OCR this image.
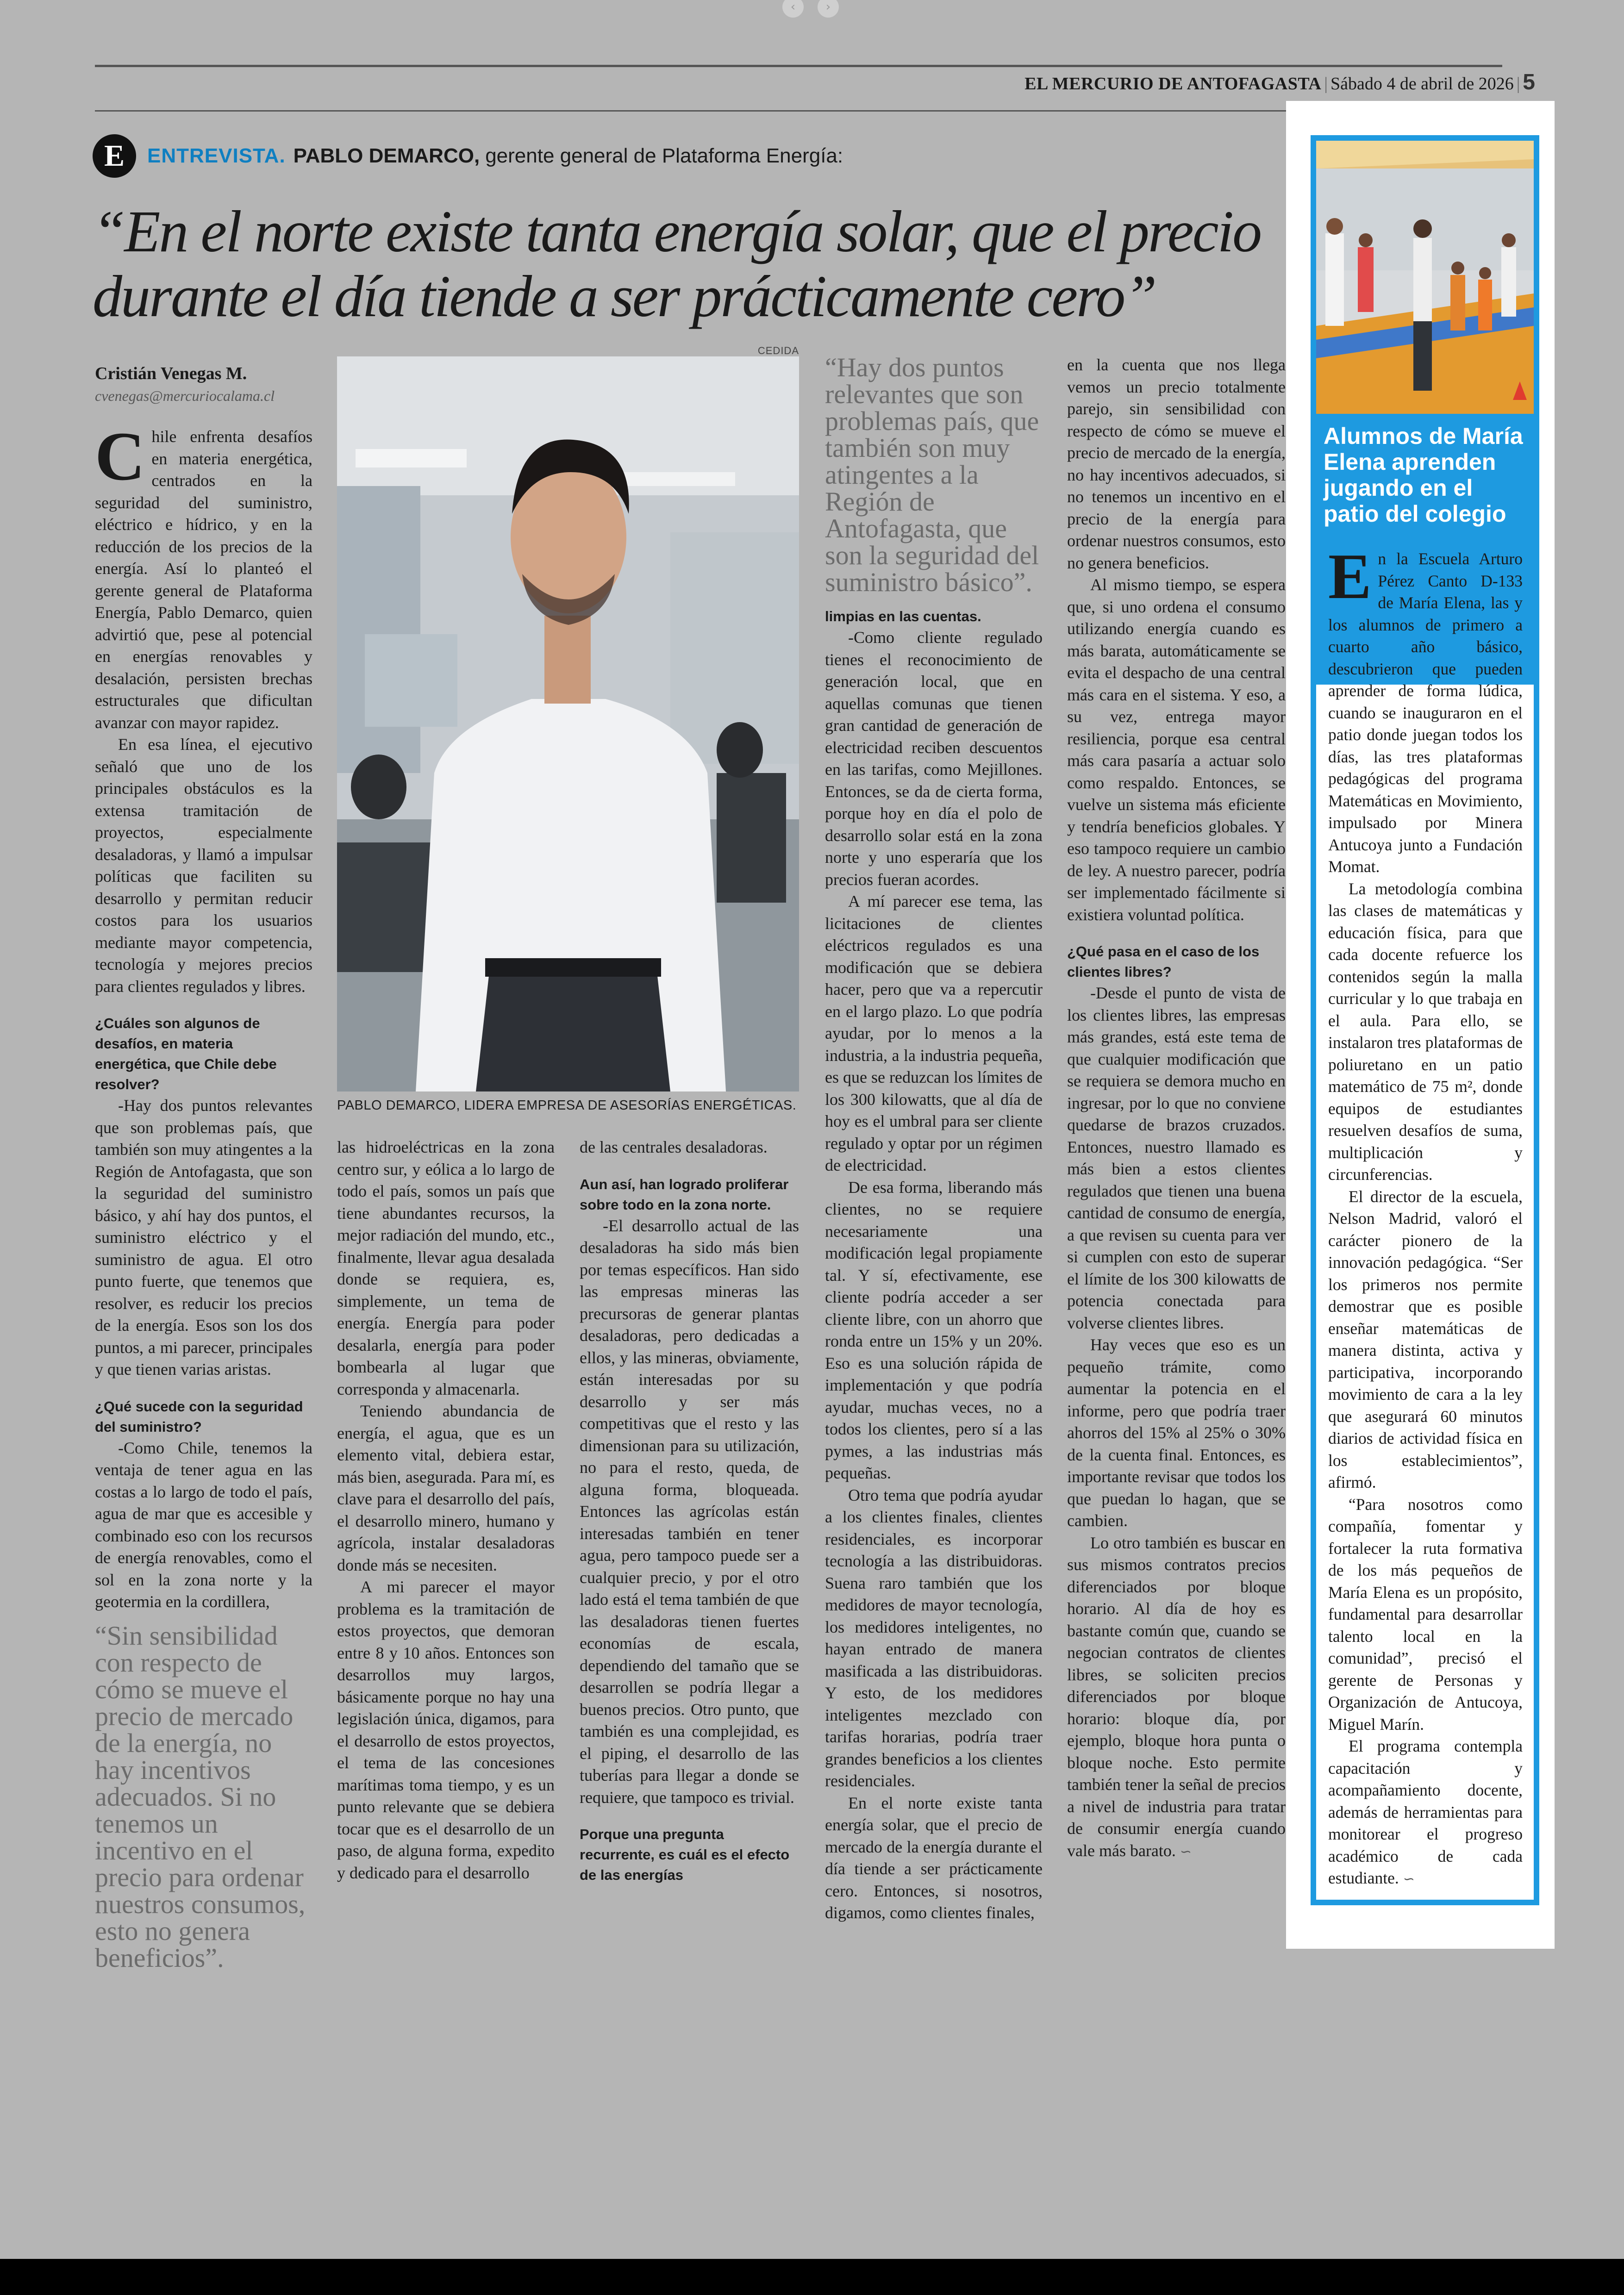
‹	›
EL MERCURIO DE ANTOFAGASTA | Sábado 4 de abril de 2026 | 5
E	ENTREVISTA . PABLO DEMARCO, gerente general de Plataforma Energía:
“En el norte existe tanta energía solar, que el precio durante el día tiende a ser prácticamente cero”
Cristián Venegas M.
cvenegas@mercuriocalama.cl

Chile enfrenta desafíos en materia energética, centrados en la seguridad del suministro, eléctrico e hídrico, y en la reducción de los precios de la energía. Así lo planteó el gerente general de Plataforma Energía, Pablo Demarco, quien advirtió que, pese al potencial en energías renovables y desalación, persisten brechas estructurales que dificultan avanzar con mayor rapidez.

En esa línea, el ejecutivo señaló que uno de los principales obstáculos es la extensa tramitación de proyectos, especialmente desaladoras, y llamó a impulsar políticas que faciliten su desarrollo y permitan reducir costos para los usuarios mediante mayor competencia, tecnología y mejores precios para clientes regulados y libres.

¿Cuáles son algunos de desafíos, en materia energética, que Chile debe resolver?

-Hay dos puntos relevantes que son problemas país, que también son muy atingentes a la Región de Antofagasta, que son la seguridad del suministro básico, y ahí hay dos puntos, el suministro eléctrico y el suministro de agua. El otro punto fuerte, que tenemos que resolver, es reducir los precios de la energía. Esos son los dos puntos, a mi parecer, principales y que tienen varias aristas.

¿Qué sucede con la seguridad del suministro?

-Como Chile, tenemos la ventaja de tener agua en las costas a lo largo de todo el país, agua de mar que es accesible y combinado eso con los recursos de energía renovables, como el sol en la zona norte y la geotermia en la cordillera,

“Sin sensibilidad con respecto de cómo se mueve el precio de mercado de la energía, no hay incentivos adecuados. Si no tenemos un incentivo en el precio para ordenar nuestros consumos, esto no genera beneficios”.
CEDIDA
PABLO DEMARCO, LIDERA EMPRESA DE ASESORÍAS ENERGÉTICAS.

las hidroeléctricas en la zona centro sur, y eólica a lo largo de todo el país, somos un país que tiene abundantes recursos, la mejor radiación del mundo, etc., finalmente, llevar agua desalada donde se requiera, es, simplemente, un tema de energía. Energía para poder desalarla, energía para poder bombearla al lugar que corresponda y almacenarla.

Teniendo abundancia de energía, el agua, que es un elemento vital, debiera estar, más bien, asegurada. Para mí, es clave para el desarrollo del país, el desarrollo minero, humano y agrícola, instalar desaladoras donde más se necesiten.

A mi parecer el mayor problema es la tramitación de estos proyectos, que demoran entre 8 y 10 años. Entonces son desarrollos muy largos, básicamente porque no hay una legislación única, digamos, para el desarrollo de estos proyectos, el tema de las concesiones marítimas toma tiempo, y es un punto relevante que se debiera tocar que es el desarrollo de un paso, de alguna forma, expedito y dedicado para el desarrollo

de las centrales desaladoras.

Aun así, han logrado proliferar sobre todo en la zona norte.

-El desarrollo actual de las desaladoras ha sido más bien por temas específicos. Han sido las empresas mineras las precursoras de generar plantas desaladoras, pero dedicadas a ellos, y las mineras, obviamente, están interesadas por su desarrollo y ser más competitivas que el resto y las dimensionan para su utilización, no para el resto, queda, de alguna forma, bloqueada. Entonces las agrícolas están interesadas también en tener agua, pero tampoco puede ser a cualquier precio, y por el otro lado está el tema también de que las desaladoras tienen fuertes economías de escala, dependiendo del tamaño que se desarrollen se podría llegar a buenos precios. Otro punto, que también es una complejidad, es el piping, el desarrollo de las tuberías para llegar a donde se requiere, que tampoco es trivial.

Porque una pregunta recurrente, es cuál es el efecto de las energías

“Hay dos puntos relevantes que son problemas país, que también son muy atingentes a la Región de Antofagasta, que son la seguridad del suministro básico”.

limpias en las cuentas.

-Como cliente regulado tienes el reconocimiento de generación local, que en aquellas comunas que tienen gran cantidad de generación de electricidad reciben descuentos en las tarifas, como Mejillones. Entonces, se da de cierta forma, porque hoy en día el polo de desarrollo solar está en la zona norte y uno esperaría que los precios fueran acordes.

A mí parecer ese tema, las licitaciones de clientes eléctricos regulados es una modificación que se debiera hacer, pero que va a repercutir en el largo plazo. Lo que podría ayudar, por lo menos a la industria, a la industria pequeña, es que se reduzcan los límites de los 300 kilowatts, que al día de hoy es el umbral para ser cliente regulado y optar por un régimen de electricidad.

De esa forma, liberando más clientes, no se requiere necesariamente una modificación legal propiamente tal. Y sí, efectivamente, ese cliente podría acceder a ser cliente libre, con un ahorro que ronda entre un 15% y un 20%. Eso es una solución rápida de implementación y que podría ayudar, muchas veces, no a todos los clientes, pero sí a las pymes, a las industrias más pequeñas.

Otro tema que podría ayudar a los clientes finales, clientes residenciales, es incorporar tecnología a las distribuidoras. Suena raro también que los medidores de mayor tecnología, los medidores inteligentes, no hayan entrado de manera masificada a las distribuidoras. Y esto, de los medidores inteligentes mezclado con tarifas horarias, podría traer grandes beneficios a los clientes residenciales.

En el norte existe tanta energía solar, que el precio de mercado de la energía durante el día tiende a ser prácticamente cero. Entonces, si nosotros, digamos, como clientes finales,

en la cuenta que nos llega vemos un precio totalmente parejo, sin sensibilidad con respecto de cómo se mueve el precio de mercado de la energía, no hay incentivos adecuados, si no tenemos un incentivo en el precio de la energía para ordenar nuestros consumos, esto no genera beneficios.

Al mismo tiempo, se espera que, si uno ordena el consumo utilizando energía cuando es más barata, automáticamente se evita el despacho de una central más cara en el sistema. Y eso, a su vez, entrega mayor resiliencia, porque esa central más cara pasaría a actuar solo como respaldo. Entonces, se vuelve un sistema más eficiente y tendría beneficios globales. Y eso tampoco requiere un cambio de ley. A nuestro parecer, podría ser implementado fácilmente si existiera voluntad política.

¿Qué pasa en el caso de los clientes libres?

-Desde el punto de vista de los clientes libres, las empresas más grandes, está este tema de que cualquier modificación que se requiera se demora mucho en ingresar, por lo que no conviene quedarse de brazos cruzados. Entonces, nuestro llamado es más bien a estos clientes regulados que tienen una buena cantidad de consumo de energía, a que revisen su cuenta para ver si cumplen con esto de superar el límite de los 300 kilowatts de potencia conectada para volverse clientes libres.

Hay veces que eso es un pequeño trámite, como aumentar la potencia en el informe, pero que podría traer ahorros del 15% al 25% o 30% de la cuenta final. Entonces, es importante revisar que todos los que puedan lo hagan, que se cambien.

Lo otro también es buscar en sus mismos contratos precios diferenciados por bloque horario. Al día de hoy es bastante común que, cuando se negocian contratos de clientes libres, se soliciten precios diferenciados por bloque horario: bloque día, por ejemplo, bloque hora punta o bloque noche. Esto permite también tener la señal de precios a nivel de industria para tratar de consumir energía cuando vale más barato. ∽

Alumnos de María Elena aprenden jugando en el patio del colegio

En la Escuela Arturo Pérez Canto D-133 de María Elena, las y los alumnos de primero a cuarto año básico, descubrieron que pueden aprender de forma lúdica, cuando se inauguraron en el patio donde juegan todos los días, las tres plataformas pedagógicas del programa Matemáticas en Movimiento, impulsado por Minera Antucoya junto a Fundación Momat.

La metodología combina las clases de matemáticas y educación física, para que cada docente refuerce los contenidos según la malla curricular y lo que trabaja en el aula. Para ello, se instalaron tres plataformas de poliuretano en un patio matemático de 75 m², donde equipos de estudiantes resuelven desafíos de suma, multiplicación y circunferencias.

El director de la escuela, Nelson Madrid, valoró el carácter pionero de la innovación pedagógica. “Ser los primeros nos permite demostrar que es posible enseñar matemáticas de manera distinta, activa y participativa, incorporando movimiento de cara a la ley que asegurará 60 minutos diarios de actividad física en los establecimientos”, afirmó.

“Para nosotros como compañía, fomentar y fortalecer la ruta formativa de los más pequeños de María Elena es un propósito, fundamental para desarrollar talento local en la comunidad”, precisó el gerente de Personas y Organización de Antucoya, Miguel Marín.

El programa contempla capacitación y acompañamiento docente, además de herramientas para monitorear el progreso académico de cada estudiante. ∽
